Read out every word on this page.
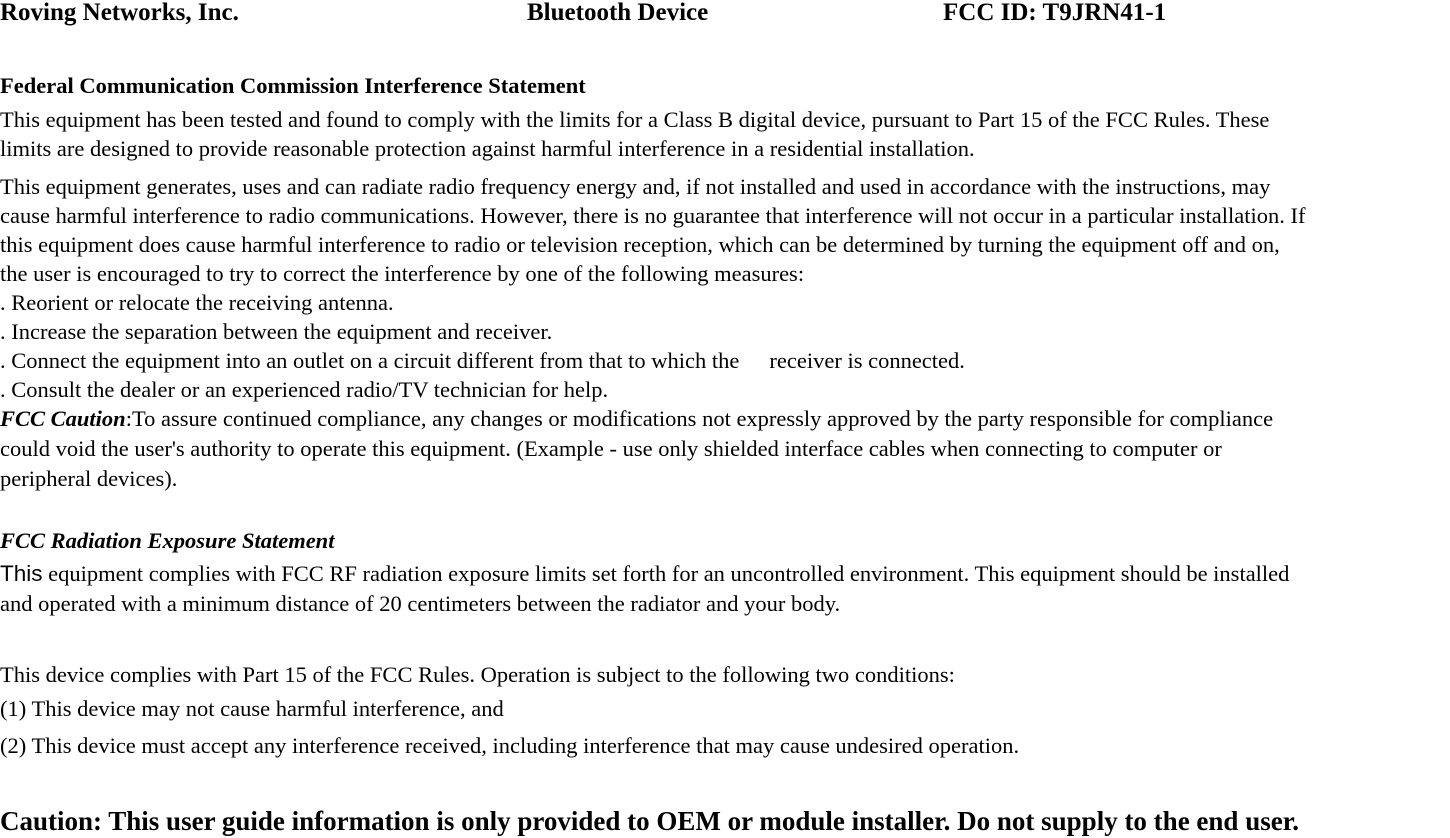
Roving Networks, Inc.	Bluetooth Device	FCC ID: T9JRN41-1
Federal Communication Commission Interference Statement
This equipment has been tested and found to comply with the limits for a Class B digital device, pursuant to Part 15 of the FCC Rules. These
limits are designed to provide reasonable protection against harmful interference in a residential installation.
This equipment generates, uses and can radiate radio frequency energy and, if not installed and used in accordance with the instructions, may
cause harmful interference to radio communications. However, there is no guarantee that interference will not occur in a particular installation. If
this equipment does cause harmful interference to radio or television reception, which can be determined by turning the equipment off and on,
the user is encouraged to try to correct the interference by one of the following measures:
. Reorient or relocate the receiving antenna.
. Increase the separation between the equipment and receiver.
. Connect the equipment into an outlet on a circuit different from that to which the receiver is connected.
. Consult the dealer or an experienced radio/TV technician for help.
FCC Caution:To assure continued compliance, any changes or modifications not expressly approved by the party responsible for compliance
could void the user's authority to operate this equipment. (Example - use only shielded interface cables when connecting to computer or
peripheral devices).
FCC Radiation Exposure Statement
This equipment complies with FCC RF radiation exposure limits set forth for an uncontrolled environment. This equipment should be installed
and operated with a minimum distance of 20 centimeters between the radiator and your body.
This device complies with Part 15 of the FCC Rules. Operation is subject to the following two conditions:
(1) This device may not cause harmful interference, and
(2) This device must accept any interference received, including interference that may cause undesired operation.
Caution: This user guide information is only provided to OEM or module installer. Do not supply to the end user.
